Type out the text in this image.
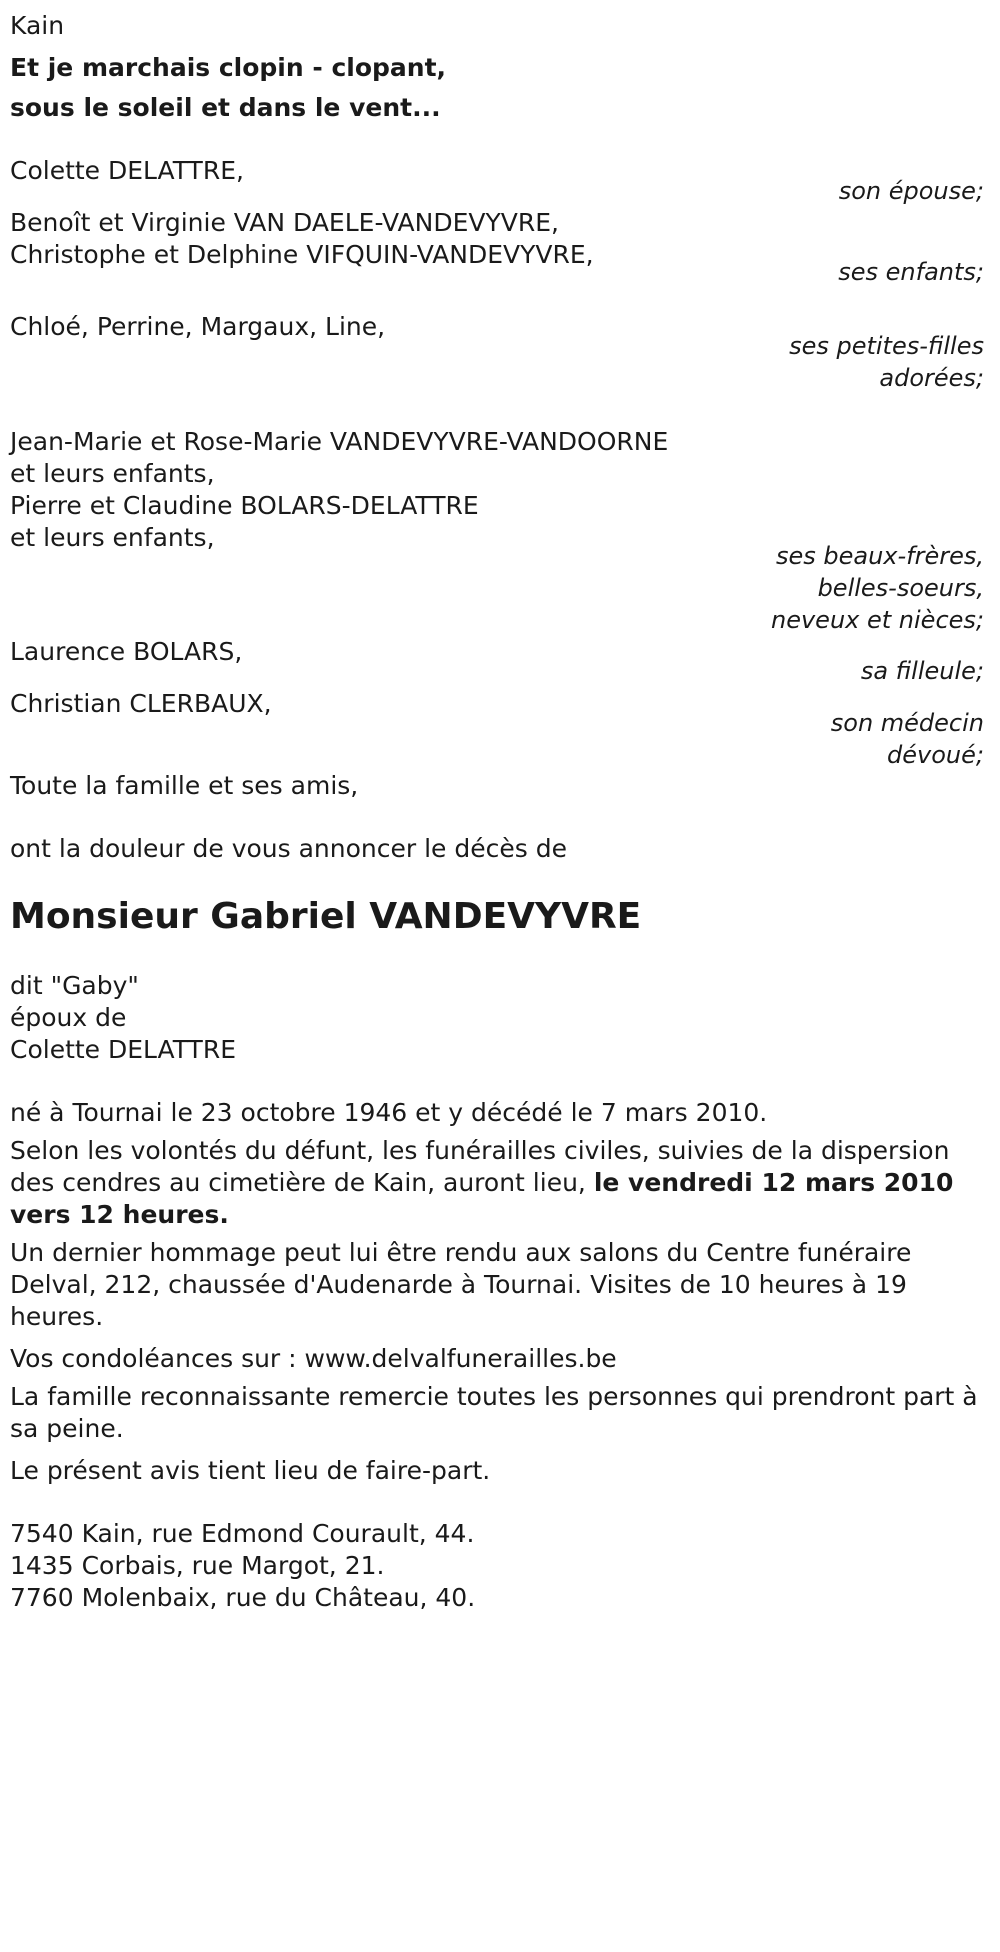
Kain
Et je marchais clopin - clopant,
sous le soleil et dans le vent...
Colette DELATTRE,
son épouse;
Benoît et Virginie VAN DAELE-VANDEVYVRE,
Christophe et Delphine VIFQUIN-VANDEVYVRE,
ses enfants;
Chloé, Perrine, Margaux, Line,
ses petites-filles
adorées;
Jean-Marie et Rose-Marie VANDEVYVRE-VANDOORNE
et leurs enfants,
Pierre et Claudine BOLARS-DELATTRE
et leurs enfants,
ses beaux-frères,
belles-soeurs,
neveux et nièces;
Laurence BOLARS,
sa filleule;
Christian CLERBAUX,
son médecin
dévoué;
Toute la famille et ses amis,
ont la douleur de vous annoncer le décès de
Monsieur Gabriel VANDEVYVRE
dit "Gaby"
époux de
Colette DELATTRE

né à Tournai le 23 octobre 1946 et y décédé le 7 mars 2010.

Selon les volontés du défunt, les funérailles civiles, suivies de la dispersion des cendres au cimetière de Kain, auront lieu, le vendredi 12 mars 2010 vers 12 heures.

Un dernier hommage peut lui être rendu aux salons du Centre funéraire Delval, 212, chaussée d'Audenarde à Tournai. Visites de 10 heures à 19 heures.

Vos condoléances sur : www.delvalfunerailles.be

La famille reconnaissante remercie toutes les personnes qui prendront part à sa peine.

Le présent avis tient lieu de faire-part.

7540 Kain, rue Edmond Courault, 44.
1435 Corbais, rue Margot, 21.
7760 Molenbaix, rue du Château, 40.
